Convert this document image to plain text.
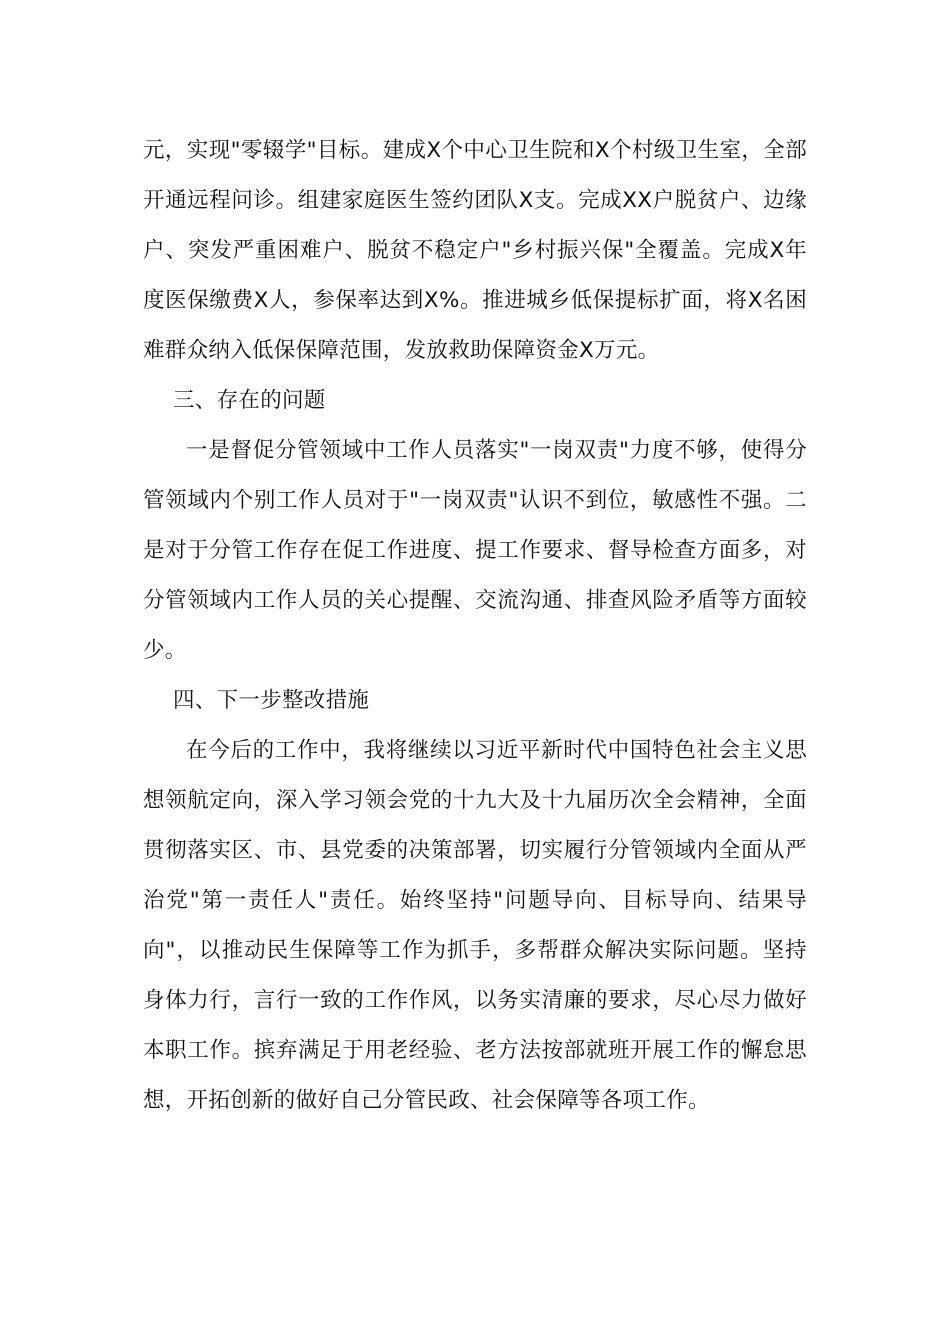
元，实现"零辍学"目标。建成X个中心卫生院和X个村级卫生室，全部开通远程问诊。组建家庭医生签约团队X支。完成XX户脱贫户、边缘户、突发严重困难户、脱贫不稳定户"乡村振兴保"全覆盖。完成X年度医保缴费X人，参保率达到X%。推进城乡低保提标扩面，将X名困难群众纳入低保保障范围，发放救助保障资金X万元。

三、存在的问题

一是督促分管领域中工作人员落实"一岗双责"力度不够，使得分管领域内个别工作人员对于"一岗双责"认识不到位，敏感性不强。二是对于分管工作存在促工作进度、提工作要求、督导检查方面多，对分管领域内工作人员的关心提醒、交流沟通、排查风险矛盾等方面较少。

四、下一步整改措施

在今后的工作中，我将继续以习近平新时代中国特色社会主义思想领航定向，深入学习领会党的十九大及十九届历次全会精神，全面贯彻落实区、市、县党委的决策部署，切实履行分管领域内全面从严治党"第一责任人"责任。始终坚持"问题导向、目标导向、结果导向"，以推动民生保障等工作为抓手，多帮群众解决实际问题。坚持身体力行，言行一致的工作作风，以务实清廉的要求，尽心尽力做好本职工作。摈弃满足于用老经验、老方法按部就班开展工作的懈怠思想，开拓创新的做好自己分管民政、社会保障等各项工作。
